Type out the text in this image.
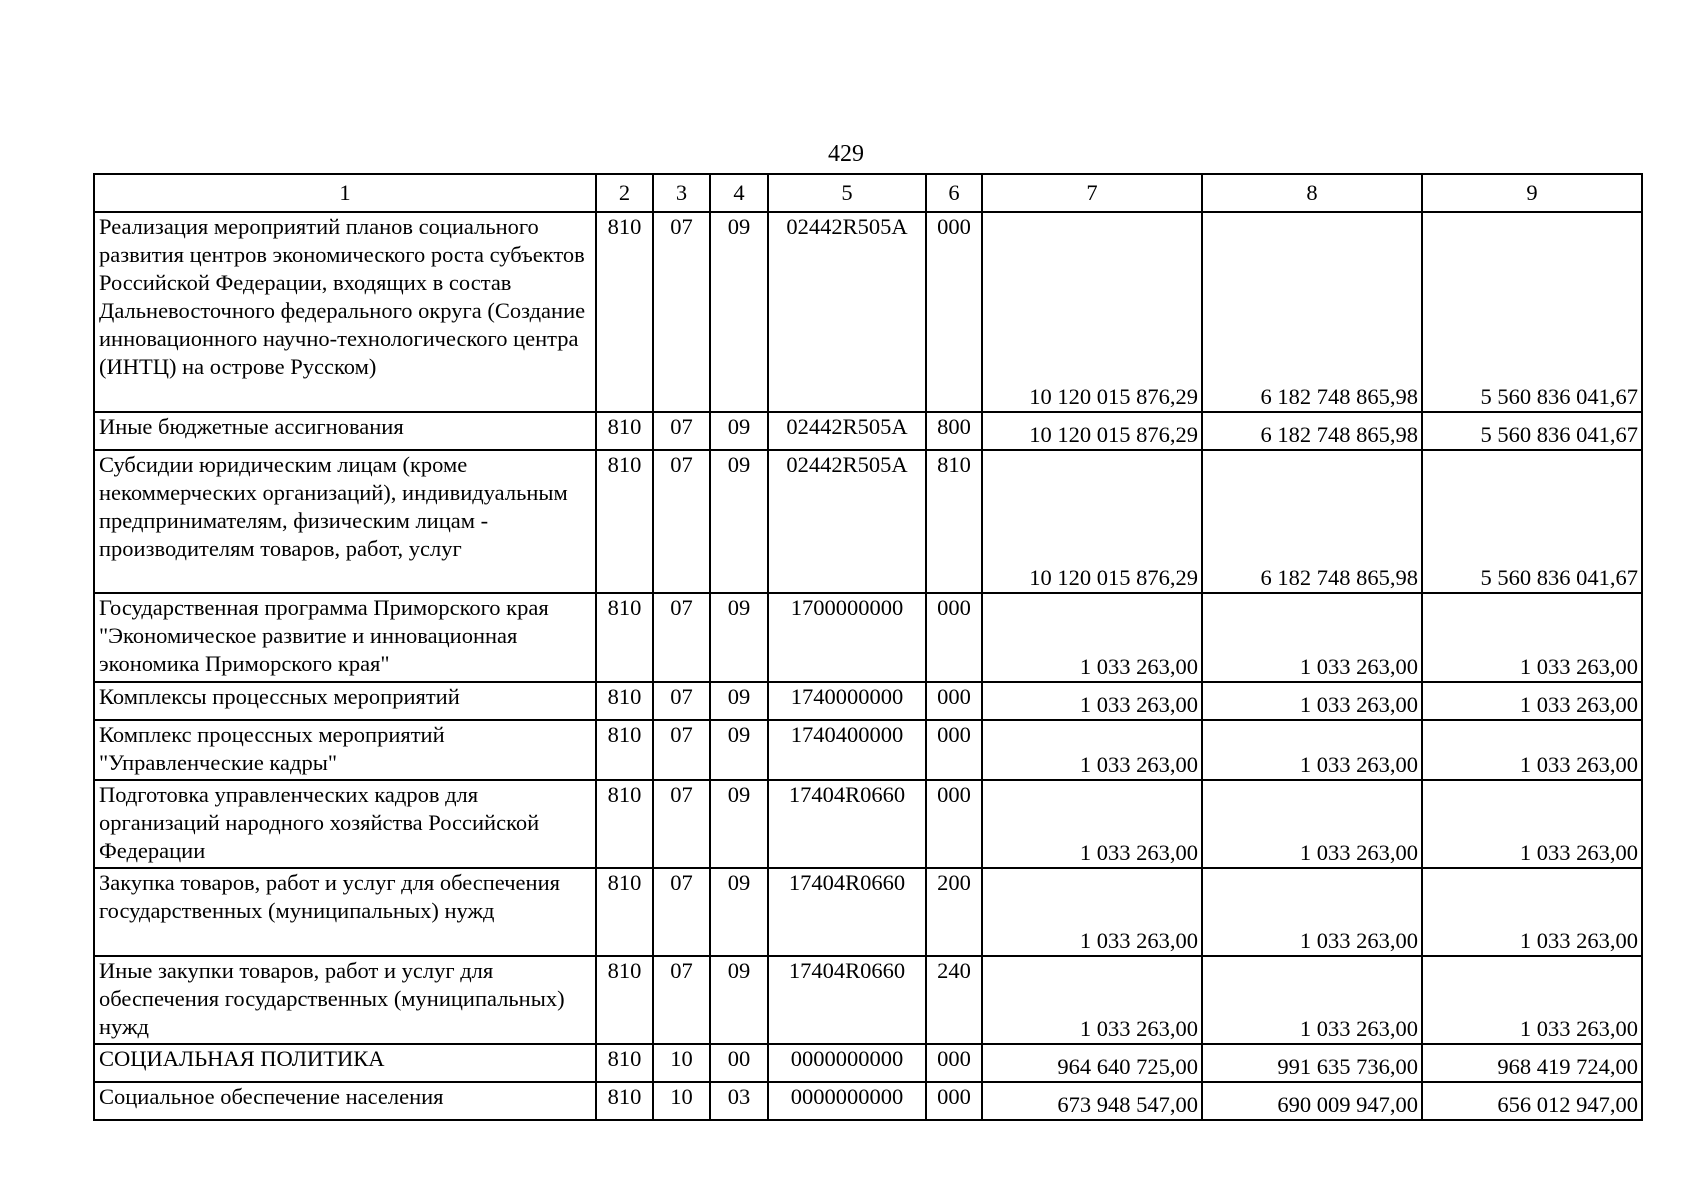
429
1	2	3	4	5	6	7	8	9
Реализация мероприятий планов социального развития центров экономического роста субъектов Российской Федерации, входящих в состав Дальневосточного федерального округа (Создание инновационного научно-технологического центра (ИНТЦ) на острове Русском)	810	07	09	02442R505A	000	10 120 015 876,29	6 182 748 865,98	5 560 836 041,67
Иные бюджетные ассигнования	810	07	09	02442R505A	800	10 120 015 876,29	6 182 748 865,98	5 560 836 041,67
Субсидии юридическим лицам (кроме некоммерческих организаций), индивидуальным предпринимателям, физическим лицам - производителям товаров, работ, услуг	810	07	09	02442R505A	810	10 120 015 876,29	6 182 748 865,98	5 560 836 041,67
Государственная программа Приморского края "Экономическое развитие и инновационная экономика Приморского края"	810	07	09	1700000000	000	1 033 263,00	1 033 263,00	1 033 263,00
Комплексы процессных мероприятий	810	07	09	1740000000	000	1 033 263,00	1 033 263,00	1 033 263,00
Комплекс процессных мероприятий "Управленческие кадры"	810	07	09	1740400000	000	1 033 263,00	1 033 263,00	1 033 263,00
Подготовка управленческих кадров для организаций народного хозяйства Российской Федерации	810	07	09	17404R0660	000	1 033 263,00	1 033 263,00	1 033 263,00
Закупка товаров, работ и услуг для обеспечения государственных (муниципальных) нужд	810	07	09	17404R0660	200	1 033 263,00	1 033 263,00	1 033 263,00
Иные закупки товаров, работ и услуг для обеспечения государственных (муниципальных) нужд	810	07	09	17404R0660	240	1 033 263,00	1 033 263,00	1 033 263,00
СОЦИАЛЬНАЯ ПОЛИТИКА	810	10	00	0000000000	000	964 640 725,00	991 635 736,00	968 419 724,00
Социальное обеспечение населения	810	10	03	0000000000	000	673 948 547,00	690 009 947,00	656 012 947,00
